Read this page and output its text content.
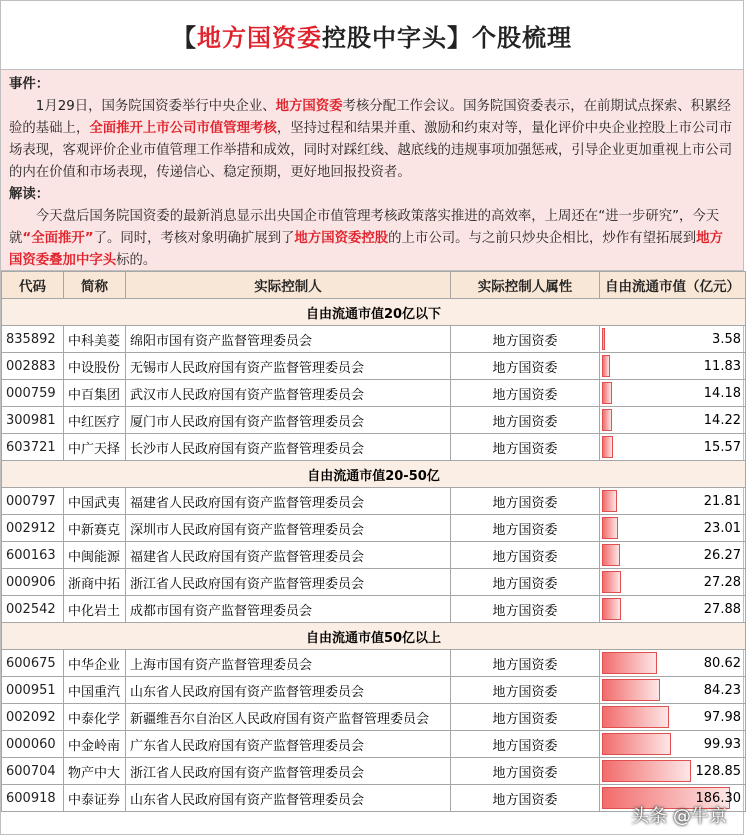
【 地方国资委 控股中字头 】个股梳理
事件：

1月29日，国务院国资委举行中央企业、地方国资委考核分配工作会议。国务院国资委表示，在前期试点探索、积累经验的基础上，全面推开上市公司市值管理考核，坚持过程和结果并重、激励和约束对等，量化评价中央企业控股上市公司市场表现，客观评价企业市值管理工作举措和成效，同时对踩红线、越底线的违规事项加强惩戒，引导企业更加重视上市公司的内在价值和市场表现，传递信心、稳定预期，更好地回报投资者。

解读：

今天盘后国务院国资委的最新消息显示出央国企市值管理考核政策落实推进的高效率，上周还在“进一步研究”，今天就“全面推开”了。同时，考核对象明确扩展到了地方国资委控股的上市公司。与之前只炒央企相比，炒作有望拓展到地方国资委叠加中字头标的。

代码	简称	实际控制人	实际控制人属性	自由流通市值（亿元）
自由流通市值20亿以下				
835892	中科美菱	绵阳市国有资产监督管理委员会	地方国资委	3.58

002883	中设股份	无锡市人民政府国有资产监督管理委员会	地方国资委	11.83

000759	中百集团	武汉市人民政府国有资产监督管理委员会	地方国资委	14.18

300981	中红医疗	厦门市人民政府国有资产监督管理委员会	地方国资委	14.22

603721	中广天择	长沙市人民政府国有资产监督管理委员会	地方国资委	15.57

自由流通市值20-50亿				
000797	中国武夷	福建省人民政府国有资产监督管理委员会	地方国资委	21.81

002912	中新赛克	深圳市人民政府国有资产监督管理委员会	地方国资委	23.01

600163	中闽能源	福建省人民政府国有资产监督管理委员会	地方国资委	26.27

000906	浙商中拓	浙江省人民政府国有资产监督管理委员会	地方国资委	27.28

002542	中化岩土	成都市国有资产监督管理委员会	地方国资委	27.88

自由流通市值50亿以上				
600675	中华企业	上海市国有资产监督管理委员会	地方国资委	80.62

000951	中国重汽	山东省人民政府国有资产监督管理委员会	地方国资委	84.23

002092	中泰化学	新疆维吾尔自治区人民政府国有资产监督管理委员会	地方国资委	97.98

000060	中金岭南	广东省人民政府国有资产监督管理委员会	地方国资委	99.93

600704	物产中大	浙江省人民政府国有资产监督管理委员会	地方国资委	128.85

600918	中泰证券	山东省人民政府国有资产监督管理委员会	地方国资委	186.30
头条 @牛京
